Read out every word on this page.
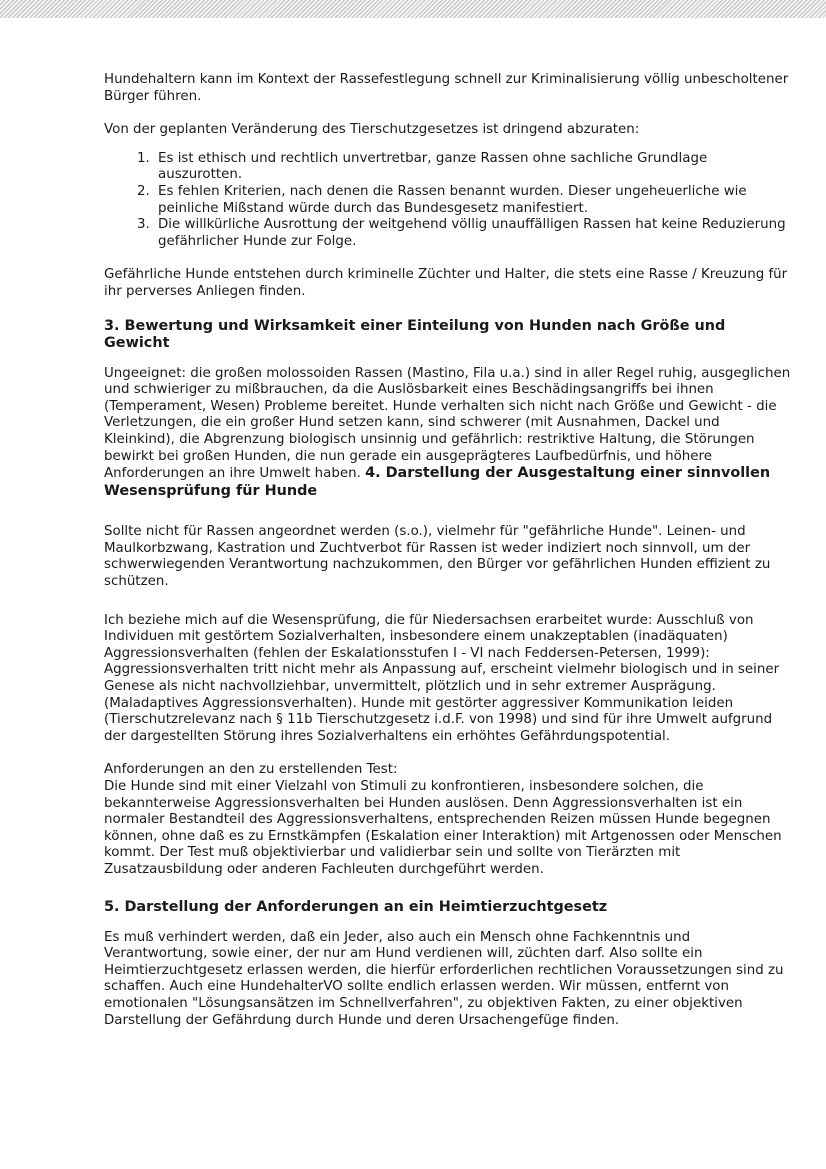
Hundehaltern kann im Kontext der Rassefestlegung schnell zur Kriminalisierung völlig unbescholtener Bürger führen.

Von der geplanten Veränderung des Tierschutzgesetzes ist dringend abzuraten:

1. Es ist ethisch und rechtlich unvertretbar, ganze Rassen ohne sachliche Grundlage auszurotten.
2. Es fehlen Kriterien, nach denen die Rassen benannt wurden. Dieser ungeheuerliche wie peinliche Mißstand würde durch das Bundesgesetz manifestiert.
3. Die willkürliche Ausrottung der weitgehend völlig unauffälligen Rassen hat keine Reduzierung gefährlicher Hunde zur Folge.

Gefährliche Hunde entstehen durch kriminelle Züchter und Halter, die stets eine Rasse / Kreuzung für ihr perverses Anliegen finden.

3. Bewertung und Wirksamkeit einer Einteilung von Hunden nach Größe und Gewicht

Ungeeignet: die großen molossoiden Rassen (Mastino, Fila u.a.) sind in aller Regel ruhig, ausgeglichen und schwieriger zu mißbrauchen, da die Auslösbarkeit eines Beschädingsangriffs bei ihnen (Temperament, Wesen) Probleme bereitet. Hunde verhalten sich nicht nach Größe und Gewicht - die Verletzungen, die ein großer Hund setzen kann, sind schwerer (mit Ausnahmen, Dackel und Kleinkind), die Abgrenzung biologisch unsinnig und gefährlich: restriktive Haltung, die Störungen bewirkt bei großen Hunden, die nun gerade ein ausgeprägteres Laufbedürfnis, und höhere Anforderungen an ihre Umwelt haben. 4. Darstellung der Ausgestaltung einer sinnvollen Wesensprüfung für Hunde

Sollte nicht für Rassen angeordnet werden (s.o.), vielmehr für "gefährliche Hunde". Leinen- und Maulkorbzwang, Kastration und Zuchtverbot für Rassen ist weder indiziert noch sinnvoll, um der schwerwiegenden Verantwortung nachzukommen, den Bürger vor gefährlichen Hunden effizient zu schützen.

Ich beziehe mich auf die Wesensprüfung, die für Niedersachsen erarbeitet wurde: Ausschluß von Individuen mit gestörtem Sozialverhalten, insbesondere einem unakzeptablen (inadäquaten) Aggressionsverhalten (fehlen der Eskalationsstufen I - VI nach Feddersen-Petersen, 1999): Aggressionsverhalten tritt nicht mehr als Anpassung auf, erscheint vielmehr biologisch und in seiner Genese als nicht nachvollziehbar, unvermittelt, plötzlich und in sehr extremer Ausprägung. (Maladaptives Aggressionsverhalten). Hunde mit gestörter aggressiver Kommunikation leiden (Tierschutzrelevanz nach § 11b Tierschutzgesetz i.d.F. von 1998) und sind für ihre Umwelt aufgrund der dargestellten Störung ihres Sozialverhaltens ein erhöhtes Gefährdungspotential.

Anforderungen an den zu erstellenden Test:
Die Hunde sind mit einer Vielzahl von Stimuli zu konfrontieren, insbesondere solchen, die bekannterweise Aggressionsverhalten bei Hunden auslösen. Denn Aggressionsverhalten ist ein normaler Bestandteil des Aggressionsverhaltens, entsprechenden Reizen müssen Hunde begegnen können, ohne daß es zu Ernstkämpfen (Eskalation einer Interaktion) mit Artgenossen oder Menschen kommt. Der Test muß objektivierbar und validierbar sein und sollte von Tierärzten mit Zusatzausbildung oder anderen Fachleuten durchgeführt werden.

5. Darstellung der Anforderungen an ein Heimtierzuchtgesetz

Es muß verhindert werden, daß ein Jeder, also auch ein Mensch ohne Fachkenntnis und Verantwortung, sowie einer, der nur am Hund verdienen will, züchten darf. Also sollte ein Heimtierzuchtgesetz erlassen werden, die hierfür erforderlichen rechtlichen Voraussetzungen sind zu schaffen. Auch eine HundehalterVO sollte endlich erlassen werden. Wir müssen, entfernt von emotionalen "Lösungsansätzen im Schnellverfahren", zu objektiven Fakten, zu einer objektiven Darstellung der Gefährdung durch Hunde und deren Ursachengefüge finden.
